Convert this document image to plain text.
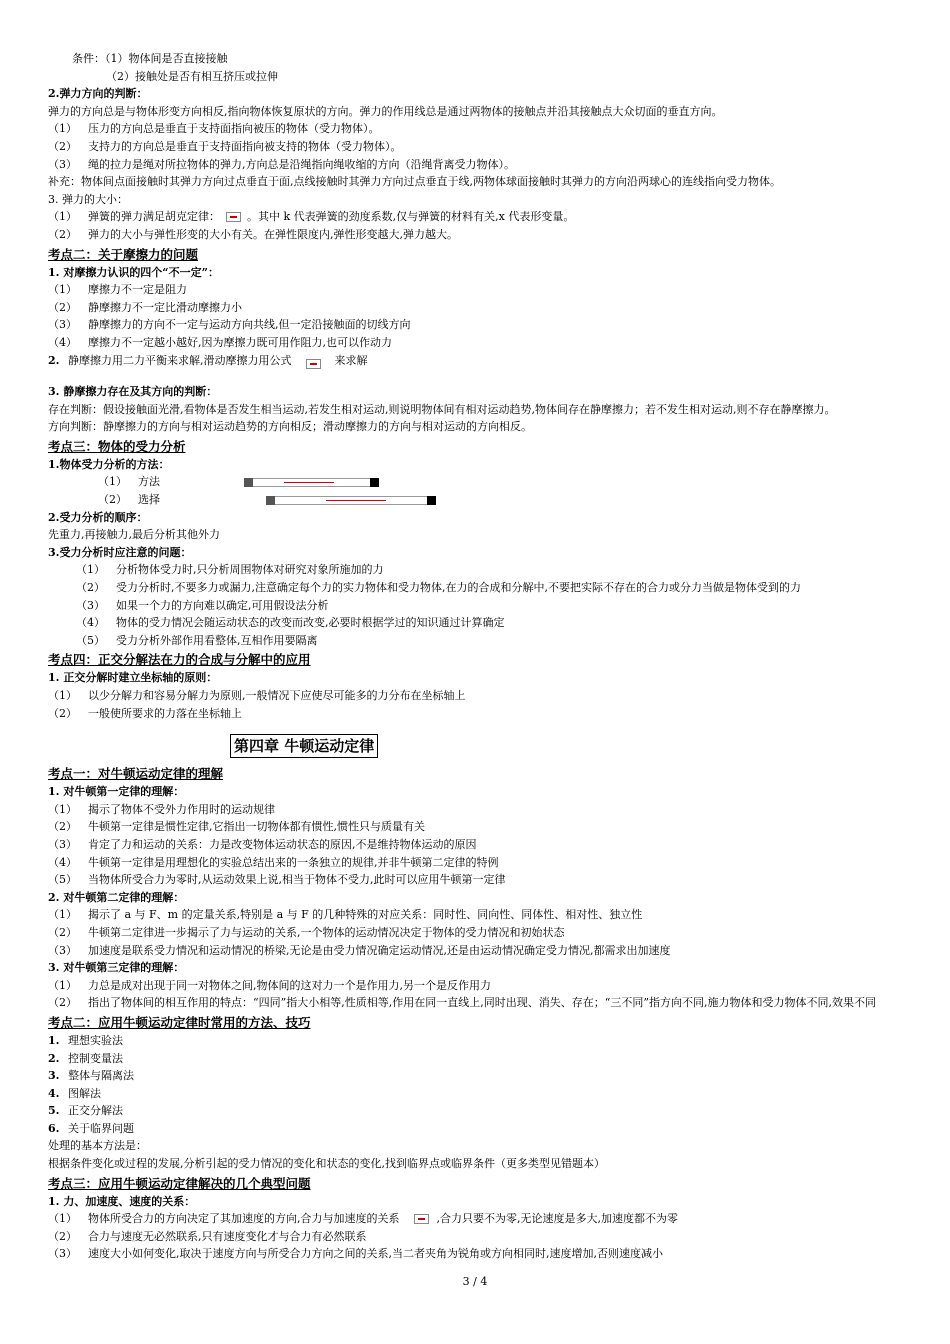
条件：（1）物体间是否直接接触
（2）接触处是否有相互挤压或拉伸
2.弹力方向的判断：
弹力的方向总是与物体形变方向相反,指向物体恢复原状的方向。弹力的作用线总是通过两物体的接触点并沿其接触点大众切面的垂直方向。
（1） 压力的方向总是垂直于支持面指向被压的物体（受力物体）。
（2） 支持力的方向总是垂直于支持面指向被支持的物体（受力物体）。
（3） 绳的拉力是绳对所拉物体的弹力,方向总是沿绳指向绳收缩的方向（沿绳背离受力物体）。
补充：物体间点面接触时其弹力方向过点垂直于面,点线接触时其弹力方向过点垂直于线,两物体球面接触时其弹力的方向沿两球心的连线指向受力物体。
3. 弹力的大小：
（1） 弹簧的弹力满足胡克定律： 。其中 k 代表弹簧的劲度系数,仅与弹簧的材料有关,x 代表形变量。
（2） 弹力的大小与弹性形变的大小有关。在弹性限度内,弹性形变越大,弹力越大。
考点二：关于摩擦力的问题
1. 对摩擦力认识的四个“不一定”：
（1） 摩擦力不一定是阻力
（2） 静摩擦力不一定比滑动摩擦力小
（3） 静摩擦力的方向不一定与运动方向共线,但一定沿接触面的切线方向
（4） 摩擦力不一定越小越好,因为摩擦力既可用作阻力,也可以作动力
2. 静摩擦力用二力平衡来求解,滑动摩擦力用公式	来求解
3. 静摩擦力存在及其方向的判断：
存在判断：假设接触面光滑,看物体是否发生相当运动,若发生相对运动,则说明物体间有相对运动趋势,物体间存在静摩擦力；若不发生相对运动,则不存在静摩擦力。
方向判断：静摩擦力的方向与相对运动趋势的方向相反；滑动摩擦力的方向与相对运动的方向相反。
考点三：物体的受力分析
1.物体受力分析的方法：
（1） 方法
（2） 选择
2.受力分析的顺序：
先重力,再接触力,最后分析其他外力
3.受力分析时应注意的问题：
（1） 分析物体受力时,只分析周围物体对研究对象所施加的力
（2） 受力分析时,不要多力或漏力,注意确定每个力的实力物体和受力物体,在力的合成和分解中,不要把实际不存在的合力或分力当做是物体受到的力
（3） 如果一个力的方向难以确定,可用假设法分析
（4） 物体的受力情况会随运动状态的改变而改变,必要时根据学过的知识通过计算确定
（5） 受力分析外部作用看整体,互相作用要隔离
考点四：正交分解法在力的合成与分解中的应用
1. 正交分解时建立坐标轴的原则：
（1） 以少分解力和容易分解力为原则,一般情况下应使尽可能多的力分布在坐标轴上
（2） 一般使所要求的力落在坐标轴上
第四章 牛顿运动定律
考点一：对牛顿运动定律的理解
1. 对牛顿第一定律的理解：
（1） 揭示了物体不受外力作用时的运动规律
（2） 牛顿第一定律是惯性定律,它指出一切物体都有惯性,惯性只与质量有关
（3） 肯定了力和运动的关系：力是改变物体运动状态的原因,不是维持物体运动的原因
（4） 牛顿第一定律是用理想化的实验总结出来的一条独立的规律,并非牛顿第二定律的特例
（5） 当物体所受合力为零时,从运动效果上说,相当于物体不受力,此时可以应用牛顿第一定律
2. 对牛顿第二定律的理解：
（1） 揭示了 a 与 F、m 的定量关系,特别是 a 与 F 的几种特殊的对应关系：同时性、同向性、同体性、相对性、独立性
（2） 牛顿第二定律进一步揭示了力与运动的关系,一个物体的运动情况决定于物体的受力情况和初始状态
（3） 加速度是联系受力情况和运动情况的桥梁,无论是由受力情况确定运动情况,还是由运动情况确定受力情况,都需求出加速度
3. 对牛顿第三定律的理解：
（1） 力总是成对出现于同一对物体之间,物体间的这对力一个是作用力,另一个是反作用力
（2） 指出了物体间的相互作用的特点：“四同”指大小相等,性质相等,作用在同一直线上,同时出现、消失、存在；“三不同”指方向不同,施力物体和受力物体不同,效果不同
考点二：应用牛顿运动定律时常用的方法、技巧
1. 理想实验法
2. 控制变量法
3. 整体与隔离法
4. 图解法
5. 正交分解法
6. 关于临界问题
处理的基本方法是：
根据条件变化或过程的发展,分析引起的受力情况的变化和状态的变化,找到临界点或临界条件（更多类型见错题本）
考点三：应用牛顿运动定律解决的几个典型问题
1. 力、加速度、速度的关系：
（1） 物体所受合力的方向决定了其加速度的方向,合力与加速度的关系	,合力只要不为零,无论速度是多大,加速度都不为零
（2） 合力与速度无必然联系,只有速度变化才与合力有必然联系
（3） 速度大小如何变化,取决于速度方向与所受合力方向之间的关系,当二者夹角为锐角或方向相同时,速度增加,否则速度减小
3 / 4
